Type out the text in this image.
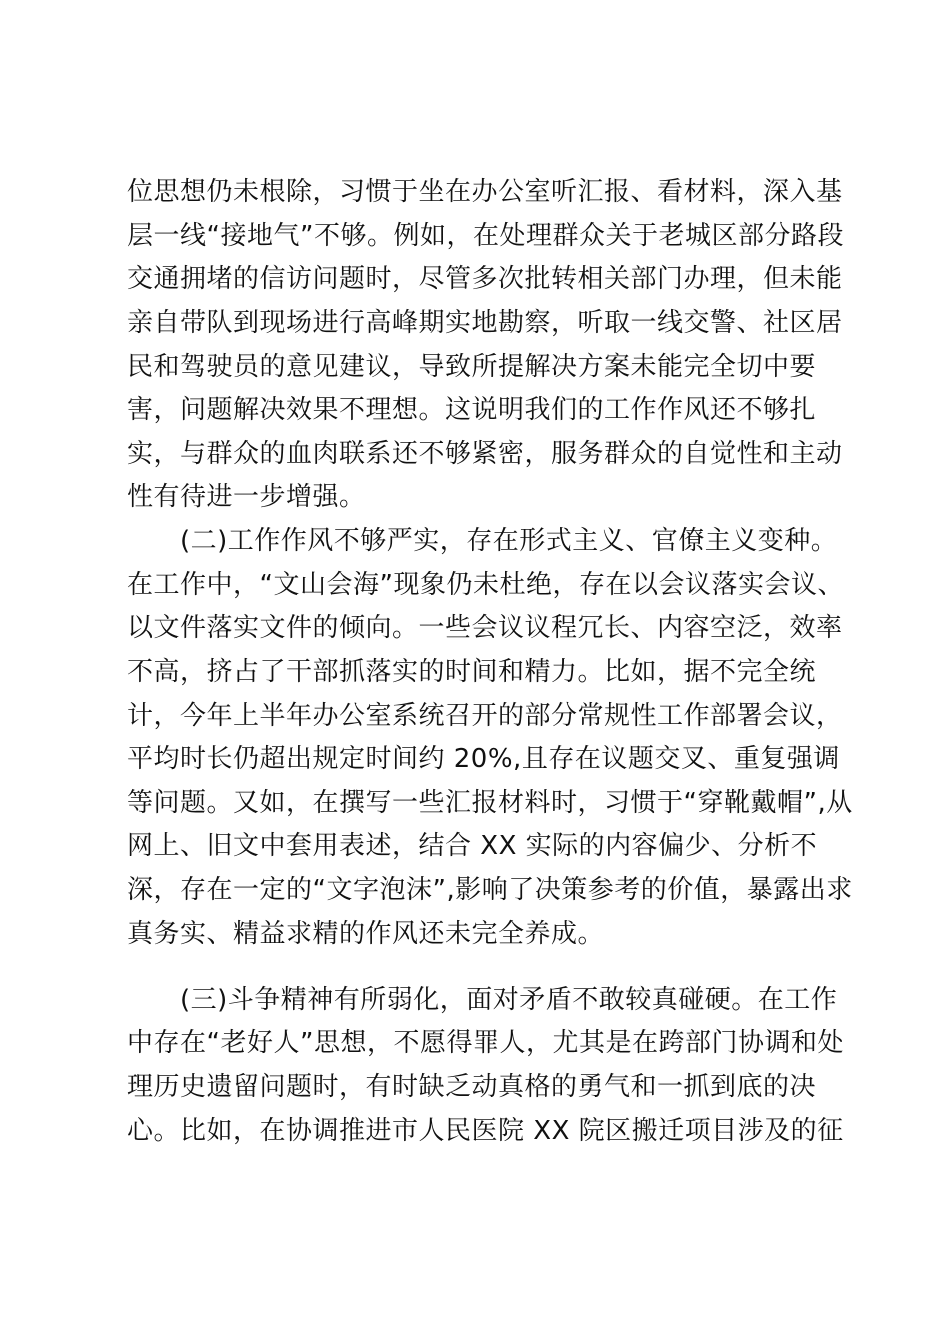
位思想仍未根除，习惯于坐在办公室听汇报、看材料，深入基
层一线“接地气”不够。例如，在处理群众关于老城区部分路段
交通拥堵的信访问题时，尽管多次批转相关部门办理，但未能
亲自带队到现场进行高峰期实地勘察，听取一线交警、社区居
民和驾驶员的意见建议，导致所提解决方案未能完全切中要
害，问题解决效果不理想。这说明我们的工作作风还不够扎
实，与群众的血肉联系还不够紧密，服务群众的自觉性和主动
性有待进一步增强。
(二)工作作风不够严实，存在形式主义、官僚主义变种。
在工作中，“文山会海”现象仍未杜绝，存在以会议落实会议、
以文件落实文件的倾向。一些会议议程冗长、内容空泛，效率
不高，挤占了干部抓落实的时间和精力。比如，据不完全统
计，今年上半年办公室系统召开的部分常规性工作部署会议，
平均时长仍超出规定时间约 20%,且存在议题交叉、重复强调
等问题。又如，在撰写一些汇报材料时，习惯于“穿靴戴帽”,从
网上、旧文中套用表述，结合 XX 实际的内容偏少、分析不
深，存在一定的“文字泡沫”,影响了决策参考的价值，暴露出求
真务实、精益求精的作风还未完全养成。
(三)斗争精神有所弱化，面对矛盾不敢较真碰硬。在工作
中存在“老好人”思想，不愿得罪人，尤其是在跨部门协调和处
理历史遗留问题时，有时缺乏动真格的勇气和一抓到底的决
心。比如，在协调推进市人民医院 XX 院区搬迁项目涉及的征
